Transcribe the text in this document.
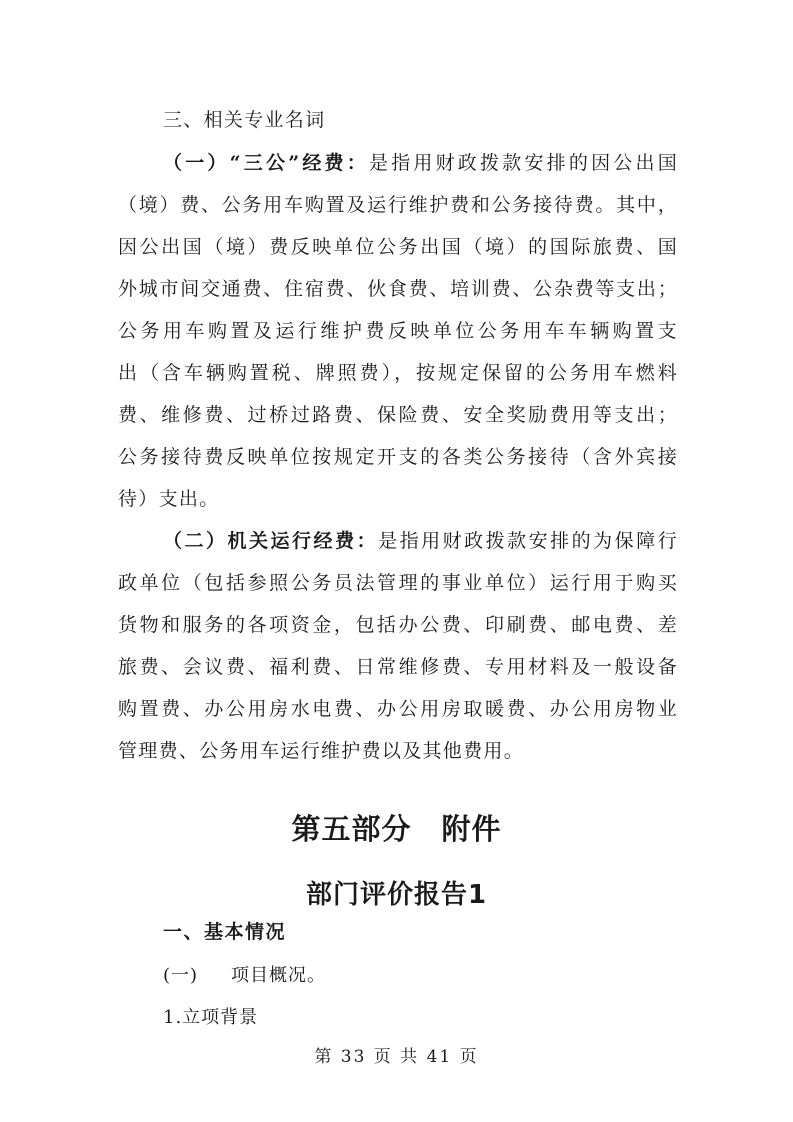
三、相关专业名词
（一）“三公”经费：是指用财政拨款安排的因公出国
（境）费、公务用车购置及运行维护费和公务接待费。其中，
因公出国（境）费反映单位公务出国（境）的国际旅费、国
外城市间交通费、住宿费、伙食费、培训费、公杂费等支出；
公务用车购置及运行维护费反映单位公务用车车辆购置支
出（含车辆购置税、牌照费），按规定保留的公务用车燃料
费、维修费、过桥过路费、保险费、安全奖励费用等支出；
公务接待费反映单位按规定开支的各类公务接待（含外宾接
待）支出。
（二）机关运行经费：是指用财政拨款安排的为保障行
政单位（包括参照公务员法管理的事业单位）运行用于购买
货物和服务的各项资金，包括办公费、印刷费、邮电费、差
旅费、会议费、福利费、日常维修费、专用材料及一般设备
购置费、办公用房水电费、办公用房取暖费、办公用房物业
管理费、公务用车运行维护费以及其他费用。
第五部分 附件
部门评价报告1
一、基本情况
(一) 项目概况。
1.立项背景
第 33 页 共 41 页
